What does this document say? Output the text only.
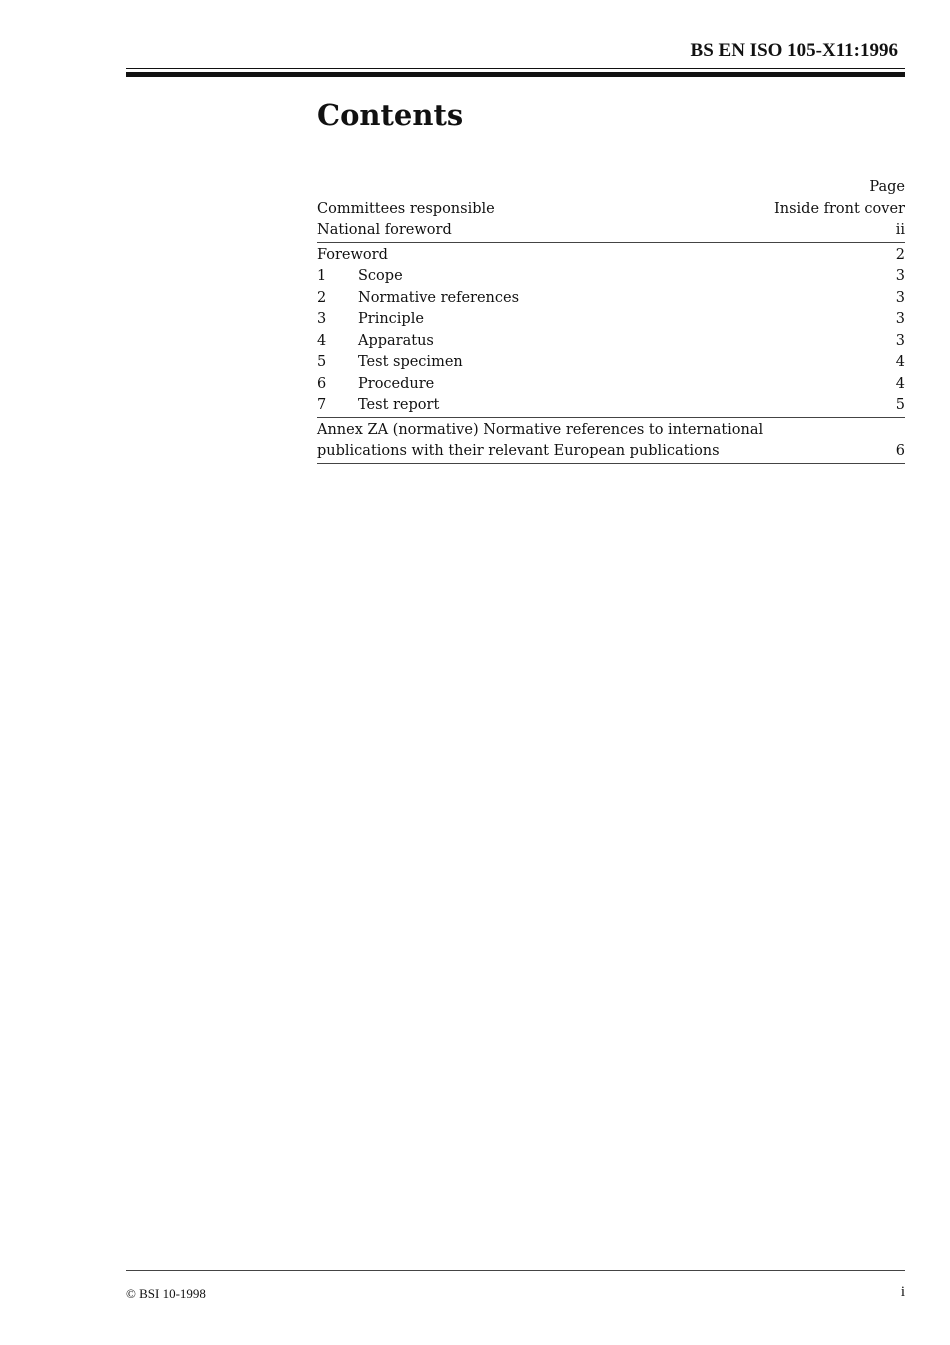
BS EN ISO 105-X11:1996
Contents
Page
Committees responsible	Inside front cover
National foreword	ii
Foreword	2
1 Scope	3
2 Normative references	3
3 Principle	3
4 Apparatus	3
5 Test specimen	4
6 Procedure	4
7 Test report	5
Annex ZA (normative) Normative references to international
publications with their relevant European publications	6
© BSI 10-1998	i
